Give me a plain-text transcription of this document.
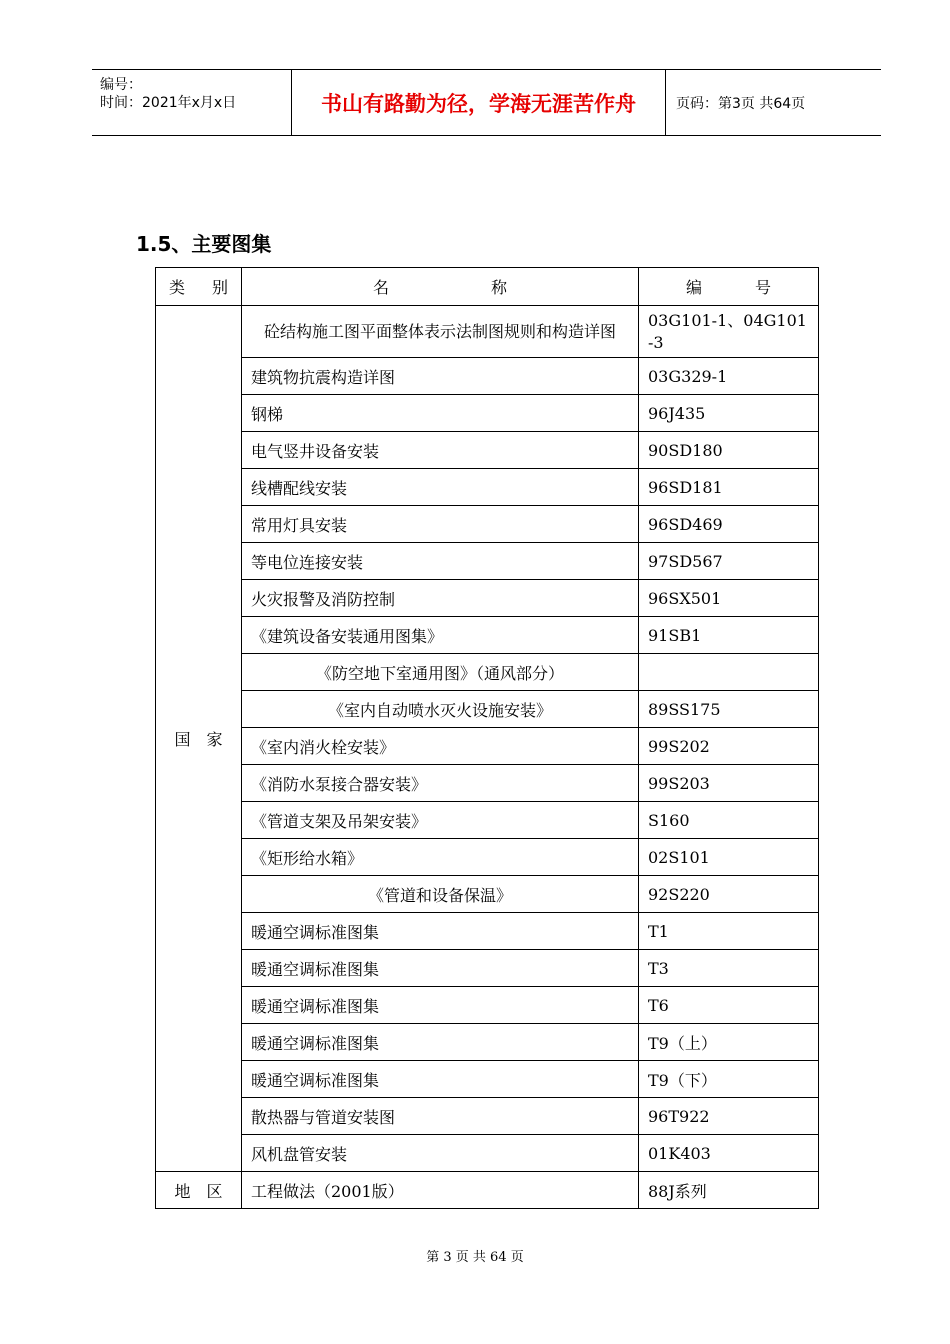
编号：
时间：2021年x月x日	书山有路勤为径，学海无涯苦作舟	页码：第3页 共64页
1.5、主要图集
类 别	名 称	编 号

国　家	砼结构施工图平面整体表示法制图规则和构造详图	03G101-1、04G101-3
	建筑物抗震构造详图	03G329-1
	钢梯	96J435
	电气竖井设备安装	90SD180
	线槽配线安装	96SD181
	常用灯具安装	96SD469
	等电位连接安装	97SD567
	火灾报警及消防控制	96SX501
	《建筑设备安装通用图集》	91SB1
	《防空地下室通用图》（通风部分）	
	《室内自动喷水灭火设施安装》	89SS175
	《室内消火栓安装》	99S202
	《消防水泵接合器安装》	99S203
	《管道支架及吊架安装》	S160
	《矩形给水箱》	02S101
	《管道和设备保温》	92S220
	暖通空调标准图集	T1
	暖通空调标准图集	T3
	暖通空调标准图集	T6
	暖通空调标准图集	T9（上）
	暖通空调标准图集	T9（下）
	散热器与管道安装图	96T922
	风机盘管安装	01K403
地　区	工程做法（2001版）	88J系列
第 3 页 共 64 页
